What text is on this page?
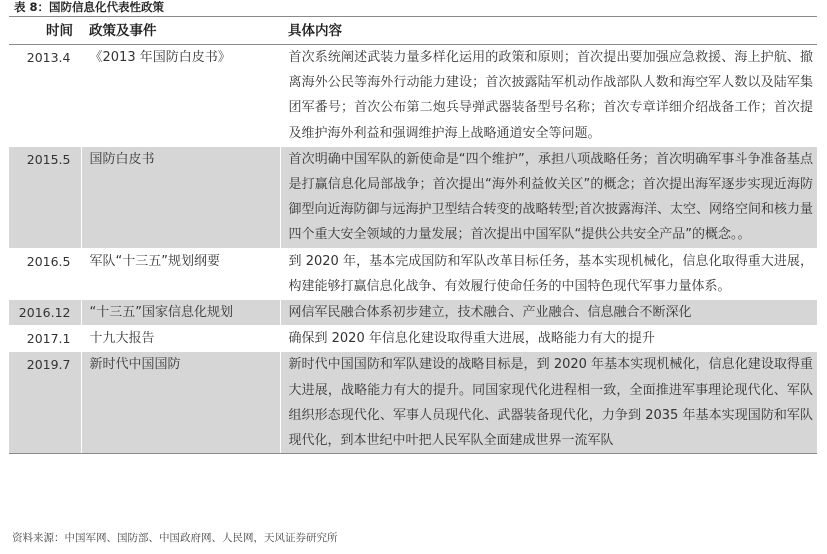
表 8：国防信息化代表性政策
时间	政策及事件	具体内容
2013.4	《2013 年国防白皮书》	首次系统阐述武装力量多样化运用的政策和原则；首次提出要加强应急救援、海上护航、撤离海外公民等海外行动能力建设；首次披露陆军机动作战部队人数和海空军人数以及陆军集团军番号；首次公布第二炮兵导弹武器装备型号名称；首次专章详细介绍战备工作；首次提及维护海外利益和强调维护海上战略通道安全等问题。
2015.5	国防白皮书	首次明确中国军队的新使命是“四个维护”，承担八项战略任务；首次明确军事斗争准备基点是打赢信息化局部战争；首次提出“海外利益攸关区”的概念；首次提出海军逐步实现近海防御型向近海防御与远海护卫型结合转变的战略转型;首次披露海洋、太空、网络空间和核力量四个重大安全领域的力量发展；首次提出中国军队“提供公共安全产品”的概念。。
2016.5	军队“十三五”规划纲要	到 2020 年，基本完成国防和军队改革目标任务，基本实现机械化，信息化取得重大进展，构建能够打赢信息化战争、有效履行使命任务的中国特色现代军事力量体系。
2016.12	“十三五”国家信息化规划	网信军民融合体系初步建立，技术融合、产业融合、信息融合不断深化
2017.1	十九大报告	确保到 2020 年信息化建设取得重大进展，战略能力有大的提升
2019.7	新时代中国国防	新时代中国国防和军队建设的战略目标是，到 2020 年基本实现机械化，信息化建设取得重大进展，战略能力有大的提升。同国家现代化进程相一致，全面推进军事理论现代化、军队组织形态现代化、军事人员现代化、武器装备现代化，力争到 2035 年基本实现国防和军队现代化，到本世纪中叶把人民军队全面建成世界一流军队
资料来源：中国军网、国防部、中国政府网、人民网，天风证券研究所
